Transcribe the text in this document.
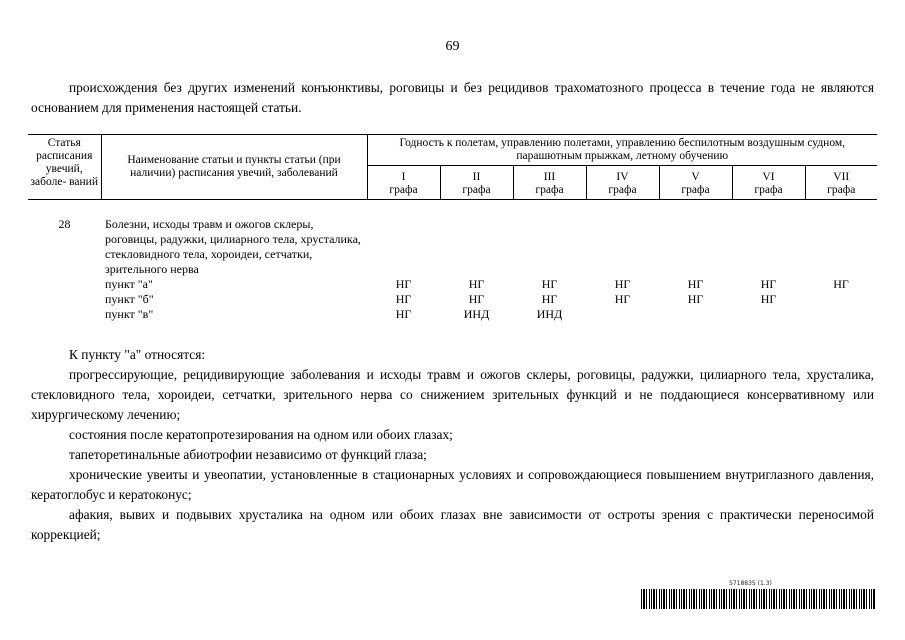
69
происхождения без других изменений конъюнктивы, роговицы и без рецидивов трахоматозного процесса в течение года не являются основанием для применения настоящей статьи.
Статья расписания увечий, заболе- ваний	Наименование статьи и пункты статьи (при наличии) расписания увечий, заболеваний	Годность к полетам, управлению полетами, управлению беспилотным воздушным судном, парашютным прыжкам, летному обучению						

		I
графа	II
графа	III
графа	IV
графа	V
графа	VI
графа	VII
графа

28	Болезни, исходы травм и ожогов склеры, роговицы, радужки, цилиарного тела, хрусталика, стекловидного тела, хороидеи, сетчатки, зрительного нерва							
	пункт "а"	НГ	НГ	НГ	НГ	НГ	НГ	НГ
	пункт "б"	НГ	НГ	НГ	НГ	НГ	НГ	
	пункт "в"	НГ	ИНД	ИНД				

К пункту "а" относятся:

прогрессирующие, рецидивирующие заболевания и исходы травм и ожогов склеры, роговицы, радужки, цилиарного тела, хрусталика, стекловидного тела, хороидеи, сетчатки, зрительного нерва со снижением зрительных функций и не поддающиеся консервативному или хирургическому лечению;

состояния после кератопротезирования на одном или обоих глазах;

тапеторетинальные абиотрофии независимо от функций глаза;

хронические увеиты и увеопатии, установленные в стационарных условиях и сопровождающиеся повышением внутриглазного давления, кератоглобус и кератоконус;

афакия, вывих и подвывих хрусталика на одном или обоих глазах вне зависимости от остроты зрения с практически переносимой коррекцией;

5718835 (1.3)
